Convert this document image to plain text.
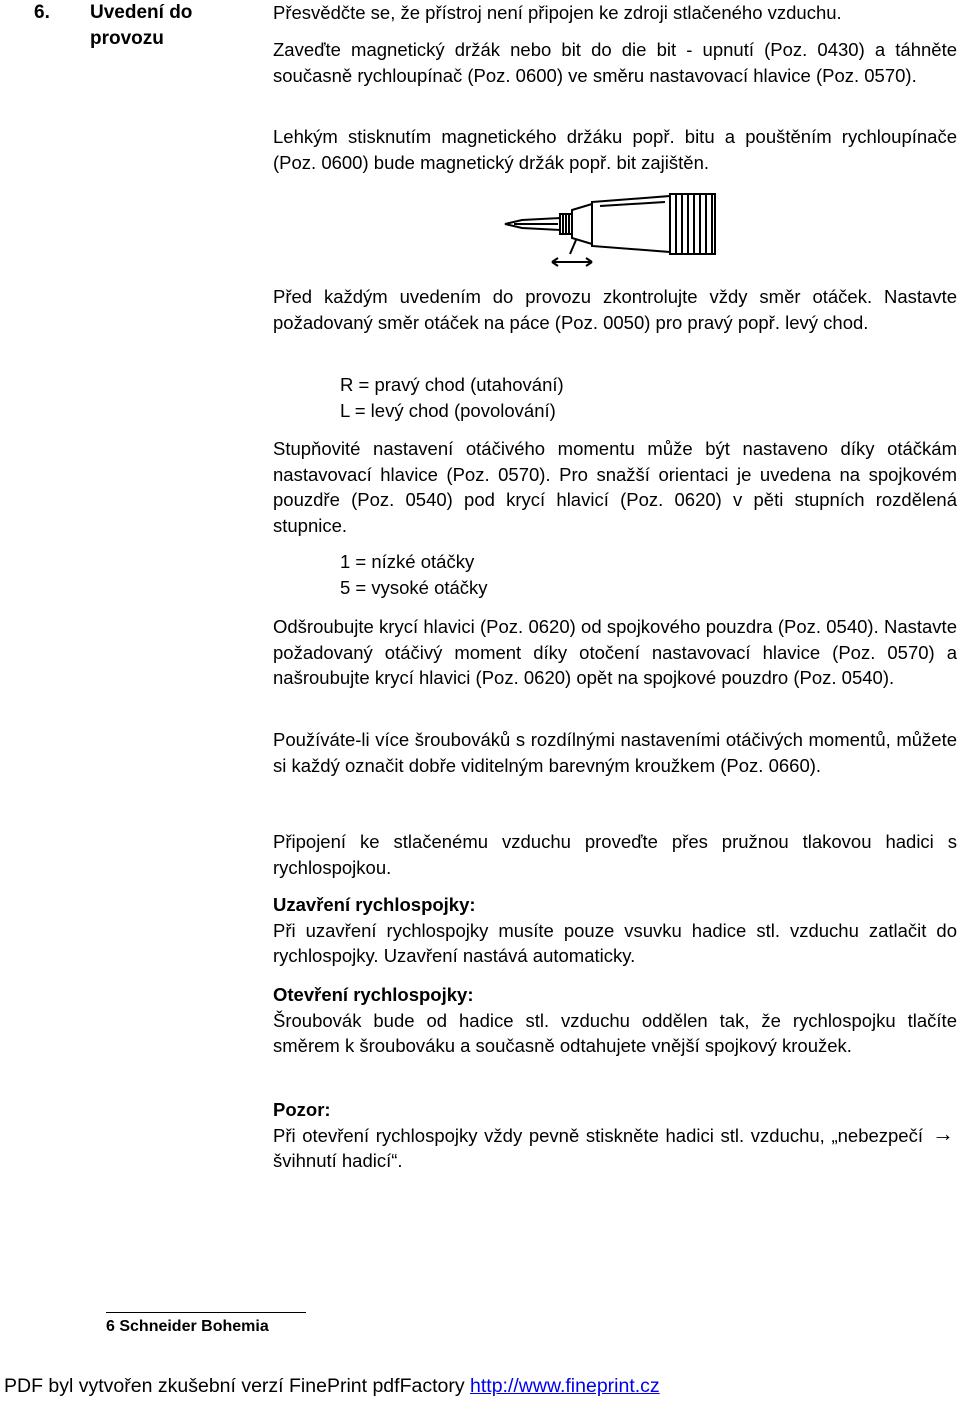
6. Uvedení do provozu

Přesvědčte se, že přístroj není připojen ke zdroji stlačeného vzduchu.

Zaveďte magnetický držák nebo bit do die bit - upnutí (Poz. 0430) a táhněte současně rychloupínač (Poz. 0600) ve směru nastavovací hlavice (Poz. 0570).

Lehkým stisknutím magnetického držáku popř. bitu a pouštěním rychloupínače (Poz. 0600) bude magnetický držák popř. bit zajištěn.

Před každým uvedením do provozu zkontrolujte vždy směr otáček. Nastavte požadovaný směr otáček na páce (Poz. 0050) pro pravý popř. levý chod.

R = pravý chod (utahování)
L = levý chod (povolování)

Stupňovité nastavení otáčivého momentu může být nastaveno díky otáčkám nastavovací hlavice (Poz. 0570). Pro snažší orientaci je uvedena na spojkovém pouzdře (Poz. 0540) pod krycí hlavicí (Poz. 0620) v pěti stupních rozdělená stupnice.

1 = nízké otáčky
5 = vysoké otáčky

Odšroubujte krycí hlavici (Poz. 0620) od spojkového pouzdra (Poz. 0540). Nastavte požadovaný otáčivý moment díky otočení nastavovací hlavice (Poz. 0570) a našroubujte krycí hlavici (Poz. 0620) opět na spojkové pouzdro (Poz. 0540).

Používáte-li více šroubováků s rozdílnými nastaveními otáčivých momentů, můžete si každý označit dobře viditelným barevným kroužkem (Poz. 0660).

Připojení ke stlačenému vzduchu proveďte přes pružnou tlakovou hadici s rychlospojkou.

Uzavření rychlospojky:

Při uzavření rychlospojky musíte pouze vsuvku hadice stl. vzduchu zatlačit do rychlospojky. Uzavření nastává automaticky.

Otevření rychlospojky:

Šroubovák bude od hadice stl. vzduchu oddělen tak, že rychlospojku tlačíte směrem k šroubováku a současně odtahujete vnější spojkový kroužek.

Pozor:

Při otevření rychlospojky vždy pevně stiskněte hadici stl. vzduchu, „nebezpečí švihnutí hadicí“.

→
6 Schneider Bohemia
PDF byl vytvořen zkušební verzí FinePrint pdfFactory http://www.fineprint.cz
